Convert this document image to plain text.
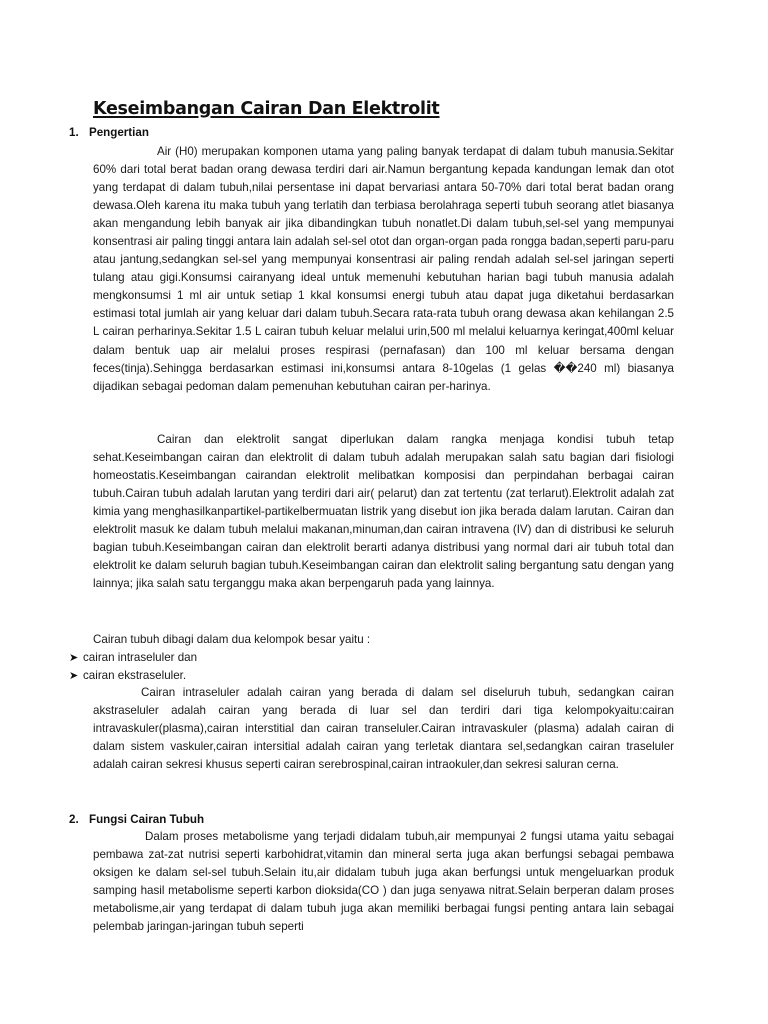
Keseimbangan Cairan Dan Elektrolit
1. Pengertian

Air (H0) merupakan komponen utama yang paling banyak terdapat di dalam tubuh manusia.Sekitar 60% dari total berat badan orang dewasa terdiri dari air.Namun bergantung kepada kandungan lemak dan otot yang terdapat di dalam tubuh,nilai persentase ini dapat bervariasi antara 50-70% dari total berat badan orang dewasa.Oleh karena itu maka tubuh yang terlatih dan terbiasa berolahraga seperti tubuh seorang atlet biasanya akan mengandung lebih banyak air jika dibandingkan tubuh nonatlet.Di dalam tubuh,sel-sel yang mempunyai konsentrasi air paling tinggi antara lain adalah sel-sel otot dan organ-organ pada rongga badan,seperti paru-paru atau jantung,sedangkan sel-sel yang mempunyai konsentrasi air paling rendah adalah sel-sel jaringan seperti tulang atau gigi.Konsumsi cairanyang ideal untuk memenuhi kebutuhan harian bagi tubuh manusia adalah mengkonsumsi 1 ml air untuk setiap 1 kkal konsumsi energi tubuh atau dapat juga diketahui berdasarkan estimasi total jumlah air yang keluar dari dalam tubuh.Secara rata-rata tubuh orang dewasa akan kehilangan 2.5 L cairan perharinya.Sekitar 1.5 L cairan tubuh keluar melalui urin,500 ml melalui keluarnya keringat,400ml keluar dalam bentuk uap air melalui proses respirasi (pernafasan) dan 100 ml keluar bersama dengan feces(tinja).Sehingga berdasarkan estimasi ini,konsumsi antara 8-10gelas (1 gelas ��240 ml) biasanya dijadikan sebagai pedoman dalam pemenuhan kebutuhan cairan per-harinya.

Cairan dan elektrolit sangat diperlukan dalam rangka menjaga kondisi tubuh tetap sehat.Keseimbangan cairan dan elektrolit di dalam tubuh adalah merupakan salah satu bagian dari fisiologi homeostatis.Keseimbangan cairandan elektrolit melibatkan komposisi dan perpindahan berbagai cairan tubuh.Cairan tubuh adalah larutan yang terdiri dari air( pelarut) dan zat tertentu (zat terlarut).Elektrolit adalah zat kimia yang menghasilkanpartikel-partikelbermuatan listrik yang disebut ion jika berada dalam larutan. Cairan dan elektrolit masuk ke dalam tubuh melalui makanan,minuman,dan cairan intravena (IV) dan di distribusi ke seluruh bagian tubuh.Keseimbangan cairan dan elektrolit berarti adanya distribusi yang normal dari air tubuh total dan elektrolit ke dalam seluruh bagian tubuh.Keseimbangan cairan dan elektrolit saling bergantung satu dengan yang lainnya; jika salah satu terganggu maka akan berpengaruh pada yang lainnya.

Cairan tubuh dibagi dalam dua kelompok besar yaitu :

➤ cairan intraseluler dan
➤ cairan ekstraseluler.

Cairan intraseluler adalah cairan yang berada di dalam sel diseluruh tubuh, sedangkan cairan akstraseluler adalah cairan yang berada di luar sel dan terdiri dari tiga kelompokyaitu:cairan intravaskuler(plasma),cairan interstitial dan cairan transeluler.Cairan intravaskuler (plasma) adalah cairan di dalam sistem vaskuler,cairan intersitial adalah cairan yang terletak diantara sel,sedangkan cairan traseluler adalah cairan sekresi khusus seperti cairan serebrospinal,cairan intraokuler,dan sekresi saluran cerna.

2. Fungsi Cairan Tubuh

Dalam proses metabolisme yang terjadi didalam tubuh,air mempunyai 2 fungsi utama yaitu sebagai pembawa zat-zat nutrisi seperti karbohidrat,vitamin dan mineral serta juga akan berfungsi sebagai pembawa oksigen ke dalam sel-sel tubuh.Selain itu,air didalam tubuh juga akan berfungsi untuk mengeluarkan produk samping hasil metabolisme seperti karbon dioksida(CO ) dan juga senyawa nitrat.Selain berperan dalam proses metabolisme,air yang terdapat di dalam tubuh juga akan memiliki berbagai fungsi penting antara lain sebagai pelembab jaringan-jaringan tubuh seperti
